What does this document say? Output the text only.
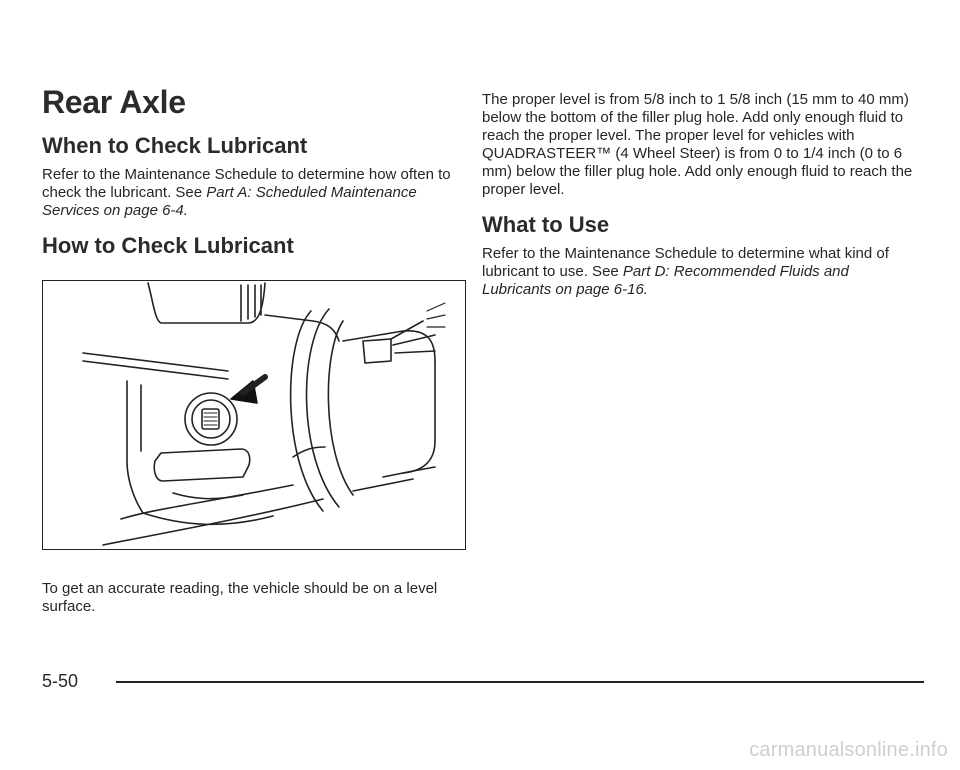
Rear Axle
When to Check Lubricant

Refer to the Maintenance Schedule to determine how often to check the lubricant. See Part A: Scheduled Maintenance Services on page 6-4.

How to Check Lubricant

To get an accurate reading, the vehicle should be on a level surface.

The proper level is from 5/8 inch to 1 5/8 inch (15 mm to 40 mm) below the bottom of the filler plug hole. Add only enough fluid to reach the proper level. The proper level for vehicles with QUADRASTEER™ (4 Wheel Steer) is from 0 to 1/4 inch (0 to 6 mm) below the filler plug hole. Add only enough fluid to reach the proper level.

What to Use

Refer to the Maintenance Schedule to determine what kind of lubricant to use. See Part D: Recommended Fluids and Lubricants on page 6-16.

5-50
carmanualsonline.info
